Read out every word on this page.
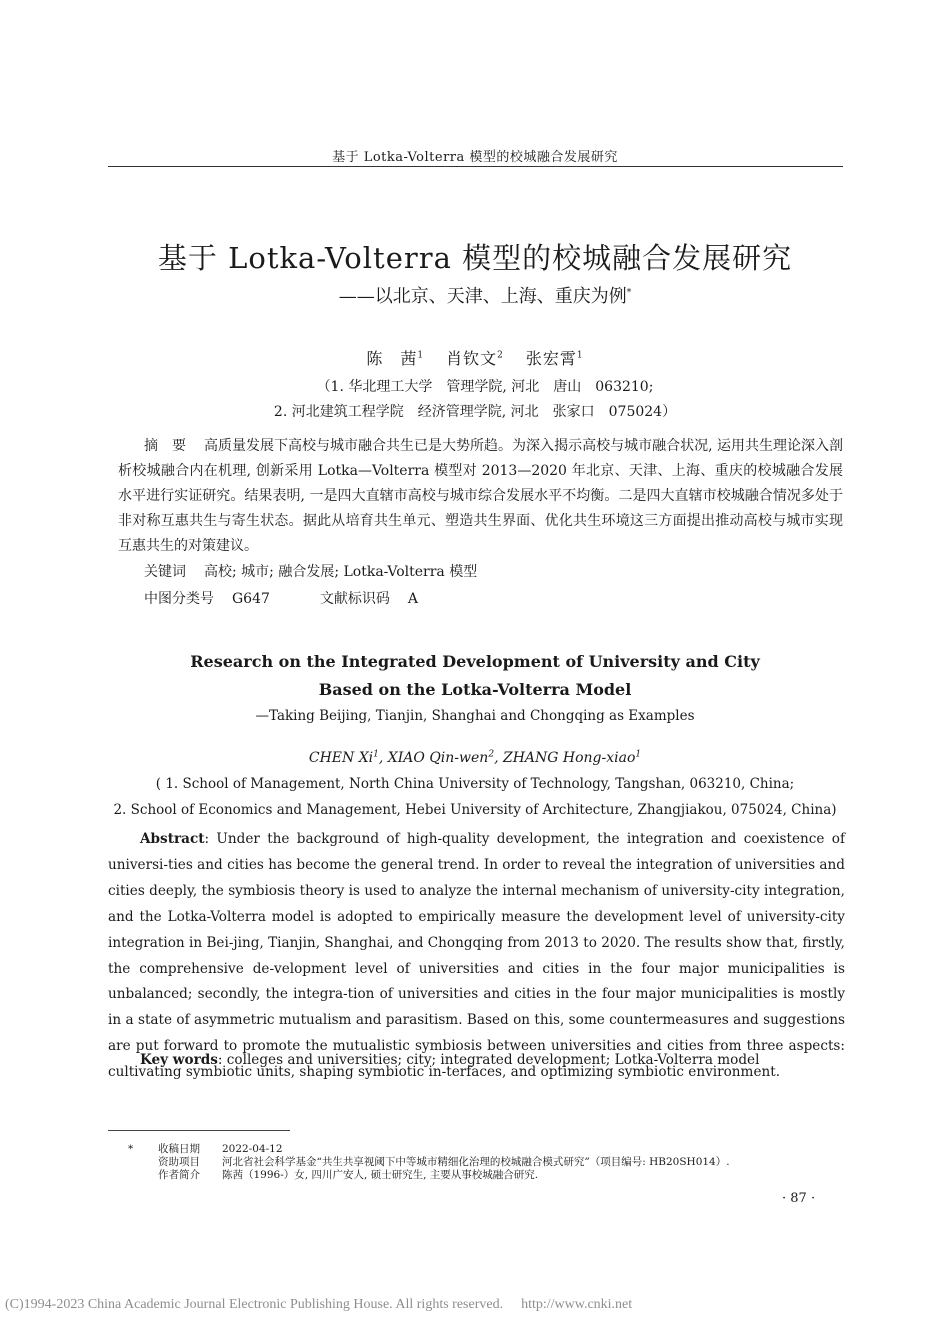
基于 Lotka-Volterra 模型的校城融合发展研究
基于 Lotka-Volterra 模型的校城融合发展研究
——以北京、天津、上海、重庆为例*
陈　茜$^1$ 肖钦文$^2$ 张宏霄$^1$
（1. 华北理工大学　管理学院, 河北　唐山　063210;
2. 河北建筑工程学院　经济管理学院, 河北　张家口　075024）
摘　要 高质量发展下高校与城市融合共生已是大势所趋。为深入揭示高校与城市融合状况, 运用共生理论深入剖析校城融合内在机理, 创新采用 Lotka—Volterra 模型对 2013—2020 年北京、天津、上海、重庆的校城融合发展水平进行实证研究。结果表明, 一是四大直辖市高校与城市综合发展水平不均衡。二是四大直辖市校城融合情况多处于非对称互惠共生与寄生状态。据此从培育共生单元、塑造共生界面、优化共生环境这三方面提出推动高校与城市实现互惠共生的对策建议。
关键词 高校; 城市; 融合发展; Lotka-Volterra 模型
中图分类号 G647	文献标识码 A
Research on the Integrated Development of University and City
Based on the Lotka-Volterra Model
—Taking Beijing, Tianjin, Shanghai and Chongqing as Examples
CHEN Xi$^1$, XIAO Qin-wen$^2$, ZHANG Hong-xiao$^1$
( 1. School of Management, North China University of Technology, Tangshan, 063210, China;
2. School of Economics and Management, Hebei University of Architecture, Zhangjiakou, 075024, China)
Abstract: Under the background of high-quality development, the integration and coexistence of universi-ties and cities has become the general trend. In order to reveal the integration of universities and cities deeply, the symbiosis theory is used to analyze the internal mechanism of university-city integration, and the Lotka-Volterra model is adopted to empirically measure the development level of university-city integration in Bei-jing, Tianjin, Shanghai, and Chongqing from 2013 to 2020. The results show that, firstly, the comprehensive de-velopment level of universities and cities in the four major municipalities is unbalanced; secondly, the integra-tion of universities and cities in the four major municipalities is mostly in a state of asymmetric mutualism and parasitism. Based on this, some countermeasures and suggestions are put forward to promote the mutualistic symbiosis between universities and cities from three aspects: cultivating symbiotic units, shaping symbiotic in-terfaces, and optimizing symbiotic environment.
Key words: colleges and universities; city; integrated development; Lotka-Volterra model
* 收稿日期 2022-04-12
资助项目 河北省社会科学基金“共生共享视阈下中等城市精细化治理的校城融合模式研究”（项目编号: HB20SH014）.
作者简介 陈茜（1996-）女, 四川广安人, 硕士研究生, 主要从事校城融合研究.
· 87 ·
(C)1994-2023 China Academic Journal Electronic Publishing House. All rights reserved. http://www.cnki.net
